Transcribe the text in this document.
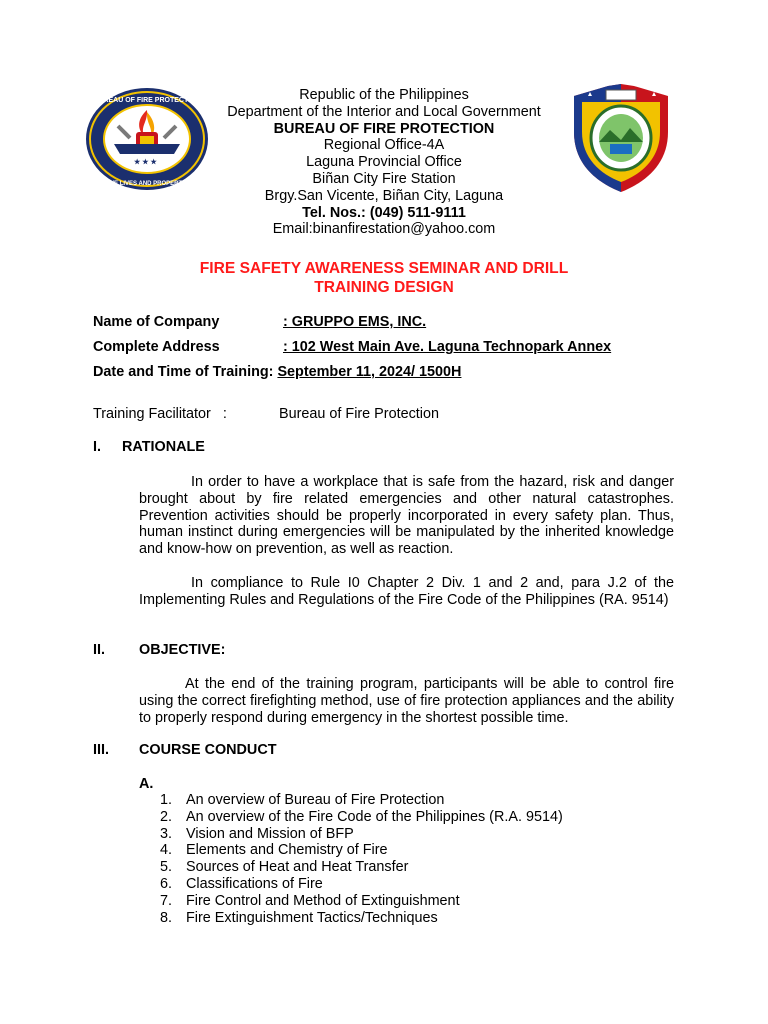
★ ★ ★
BUREAU OF FIRE PROTECTION
SAVE LIVES AND PROPERTIES
Republic of the Philippines
Department of the Interior and Local Government
BUREAU OF FIRE PROTECTION
Regional Office-4A
Laguna Provincial Office
Biñan City Fire Station
Brgy.San Vicente, Biñan City, Laguna
Tel. Nos.: (049) 511-9111
Email:binanfirestation@yahoo.com
FIRE SAFETY AWARENESS SEMINAR AND DRILL
TRAINING DESIGN
Name of Company	: GRUPPO EMS, INC.
Complete Address	: 102 West Main Ave. Laguna Technopark Annex
Date and Time of Training: September 11, 2024/ 1500H
Training Facilitator   :	Bureau of Fire Protection
I. RATIONALE
In order to have a workplace that is safe from the hazard, risk and danger brought about by fire related emergencies and other natural catastrophes. Prevention activities should be properly incorporated in every safety plan. Thus, human instinct during emergencies will be manipulated by the inherited knowledge and know-how on prevention, as well as reaction.
In compliance to Rule I0 Chapter 2 Div. 1 and 2 and, para J.2 of the Implementing Rules and Regulations of the Fire Code of the Philippines (RA. 9514)
II. OBJECTIVE:
At the end of the training program, participants will be able to control fire using the correct firefighting method, use of fire protection appliances and the ability to properly respond during emergency in the shortest possible time.
III. COURSE CONDUCT
A.
1. An overview of Bureau of Fire Protection
2. An overview of the Fire Code of the Philippines (R.A. 9514)
3. Vision and Mission of BFP
4. Elements and Chemistry of Fire
5. Sources of Heat and Heat Transfer
6. Classifications of Fire
7. Fire Control and Method of Extinguishment
8. Fire Extinguishment Tactics/Techniques
